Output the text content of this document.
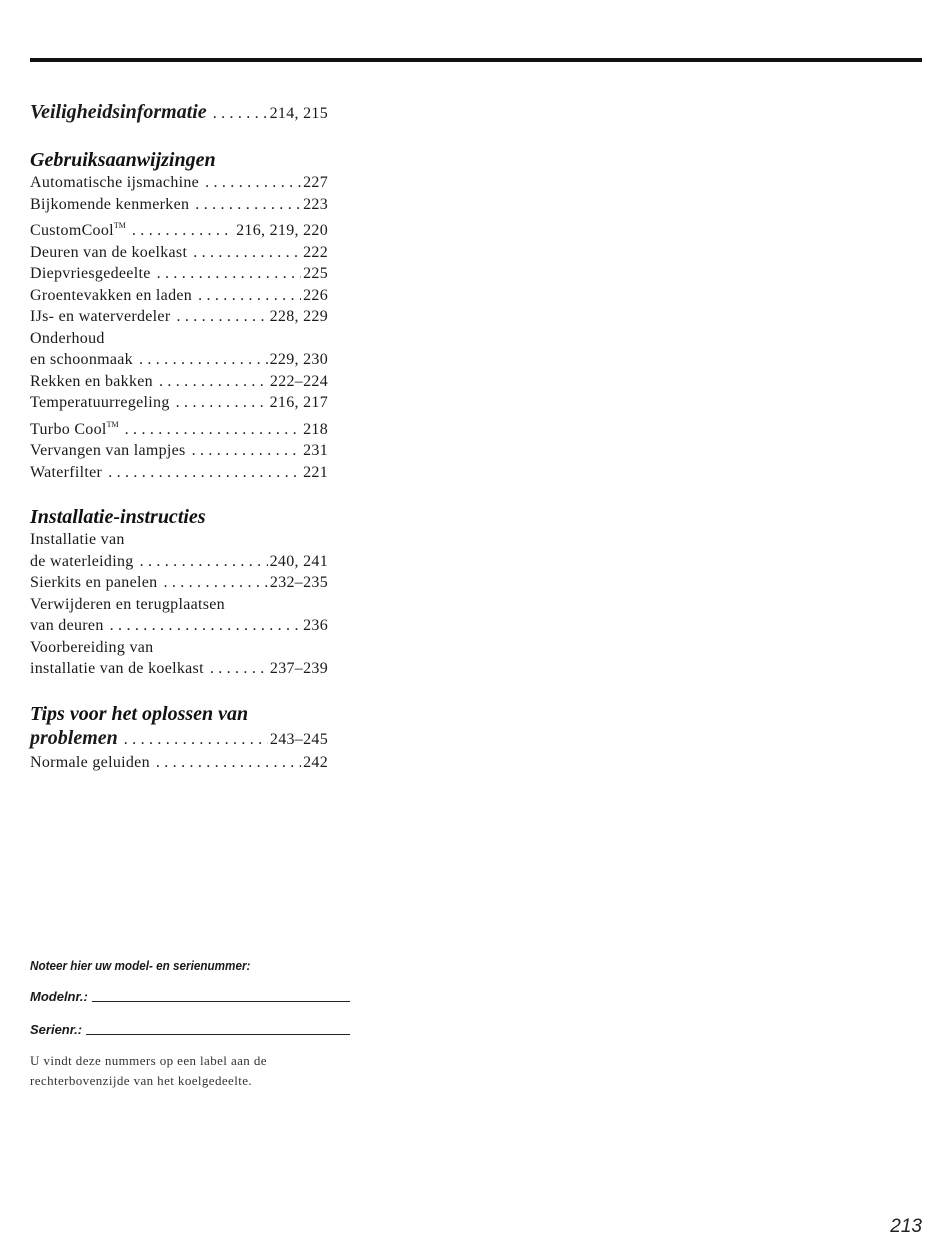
Veiligheidsinformatie . . .	214, 215
Gebruiksaanwijzingen
Automatische ijsmachine . . .	227
Bijkomende kenmerken . . .	223
CustomCool™ . . .	216, 219, 220
Deuren van de koelkast . . .	222
Diepvriesgedeelte . . .	225
Groentevakken en laden . . .	226
IJs- en waterverdeler . . .	228, 229
Onderhoud
en schoonmaak . . .	229, 230
Rekken en bakken . . .	222–224
Temperatuurregeling . . .	216, 217
Turbo Cool™ . . .	218
Vervangen van lampjes . . .	231
Waterfilter . . .	221
Installatie-instructies
Installatie van
de waterleiding . . .	240, 241
Sierkits en panelen . . .	232–235
Verwijderen en terugplaatsen
van deuren . . .	236
Voorbereiding van
installatie van de koelkast . . .	237–239
Tips voor het oplossen van
problemen . . .	243–245
Normale geluiden . . .	242
Noteer hier uw model- en serienummer:
Modelnr.:
Serienr.:
U vindt deze nummers op een label aan de rechterbovenzijde van het koelgedeelte.
213
